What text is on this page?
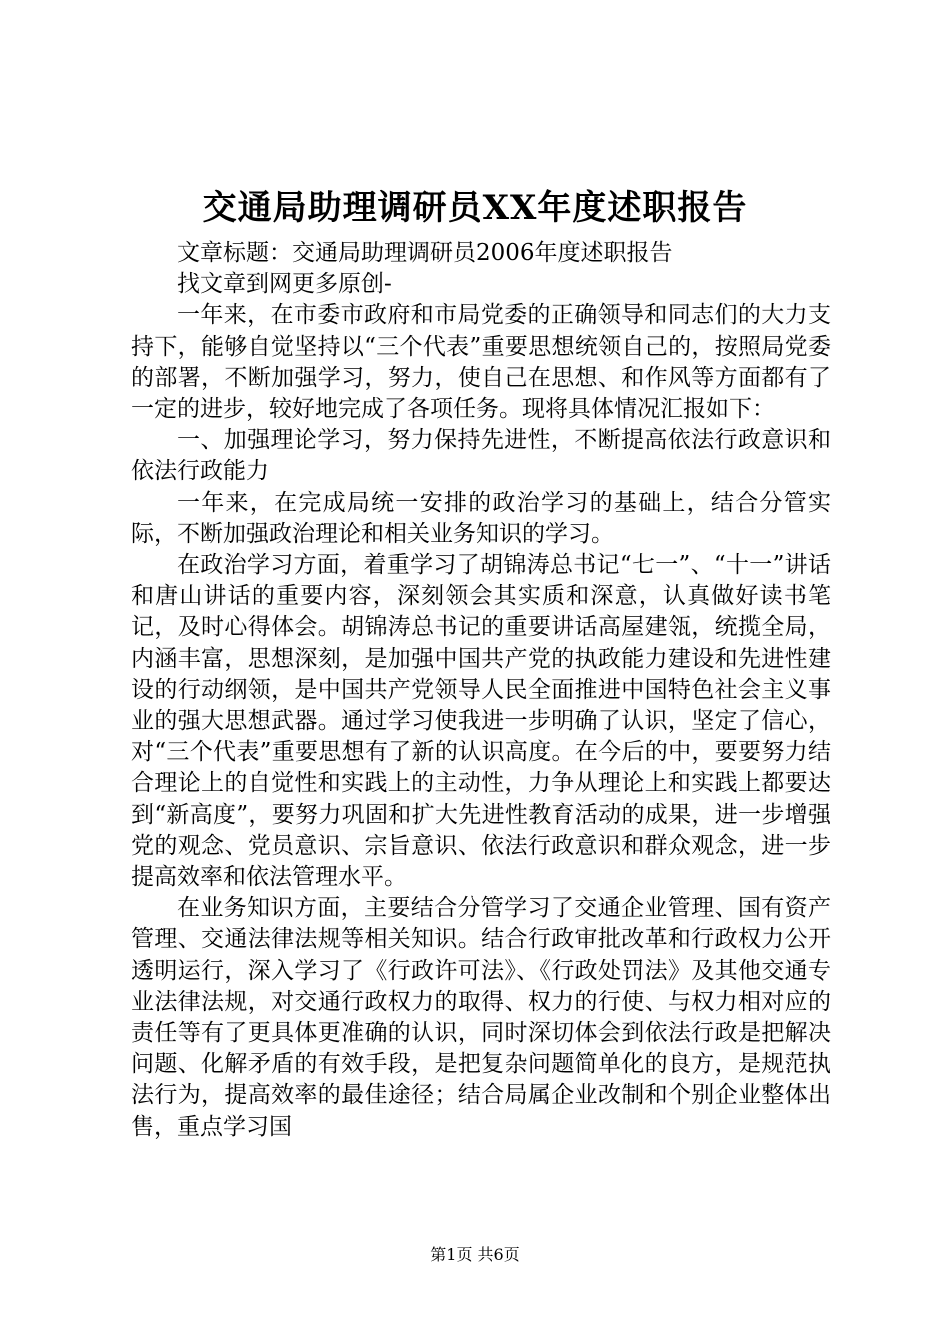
交通局助理调研员XX年度述职报告

文章标题：交通局助理调研员2006年度述职报告

找文章到网更多原创-

一年来，在市委市政府和市局党委的正确领导和同志们的大力支持下，能够自觉坚持以“三个代表”重要思想统领自己的，按照局党委的部署，不断加强学习，努力，使自己在思想、和作风等方面都有了一定的进步，较好地完成了各项任务。现将具体情况汇报如下：

一、加强理论学习，努力保持先进性，不断提高依法行政意识和依法行政能力

一年来，在完成局统一安排的政治学习的基础上，结合分管实际，不断加强政治理论和相关业务知识的学习。

在政治学习方面，着重学习了胡锦涛总书记“七一”、“十一”讲话和唐山讲话的重要内容，深刻领会其实质和深意，认真做好读书笔记，及时心得体会。胡锦涛总书记的重要讲话高屋建瓴，统揽全局，内涵丰富，思想深刻，是加强中国共产党的执政能力建设和先进性建设的行动纲领，是中国共产党领导人民全面推进中国特色社会主义事业的强大思想武器。通过学习使我进一步明确了认识，坚定了信心，对“三个代表”重要思想有了新的认识高度。在今后的中，要要努力结合理论上的自觉性和实践上的主动性，力争从理论上和实践上都要达到“新高度”，要努力巩固和扩大先进性教育活动的成果，进一步增强党的观念、党员意识、宗旨意识、依法行政意识和群众观念，进一步提高效率和依法管理水平。

在业务知识方面，主要结合分管学习了交通企业管理、国有资产管理、交通法律法规等相关知识。结合行政审批改革和行政权力公开透明运行，深入学习了《行政许可法》、《行政处罚法》及其他交通专业法律法规，对交通行政权力的取得、权力的行使、与权力相对应的责任等有了更具体更准确的认识，同时深切体会到依法行政是把解决问题、化解矛盾的有效手段，是把复杂问题简单化的良方，是规范执法行为，提高效率的最佳途径；结合局属企业改制和个别企业整体出售，重点学习国

第1页 共6页
